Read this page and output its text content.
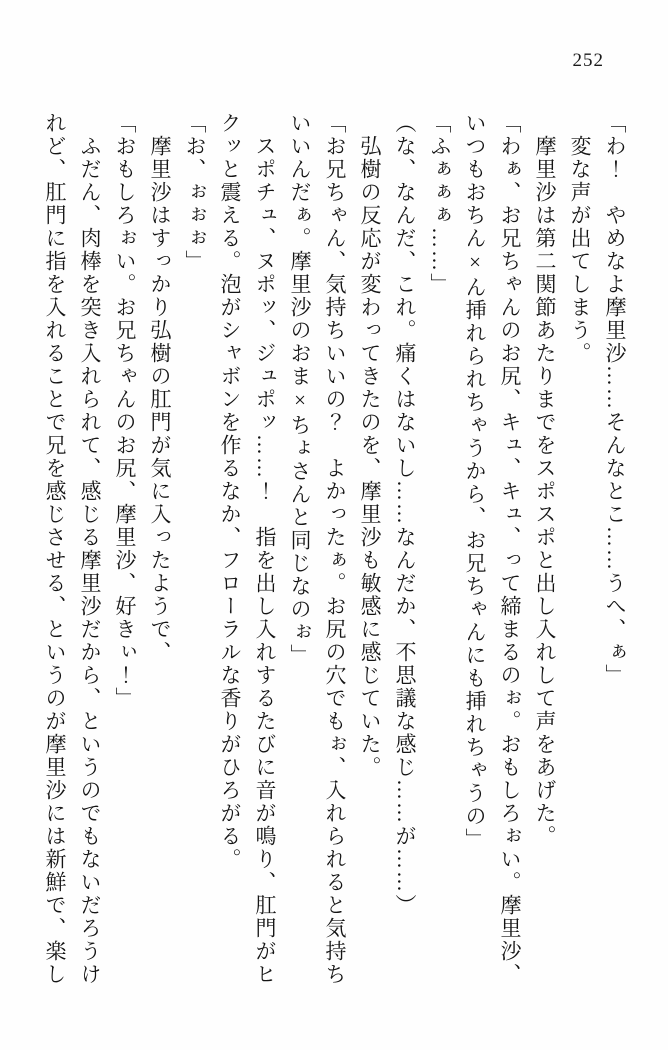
252

「わ！　やめなよ摩里沙……そんなとこ……うへ、ぁ」

　変な声が出てしまう。

　摩里沙は第二関節あたりまでをスポスポと出し入れして声をあげた。

「わぁ、お兄ちゃんのお尻、キュ、キュ、って締まるのぉ。おもしろぉい。摩里沙、

いつもおちん×ん挿れられちゃうから、お兄ちゃんにも挿れちゃうの」

「ふぁぁぁ……」

（な、なんだ、これ。痛くはないし……なんだか、不思議な感じ……が……）

　弘樹の反応が変わってきたのを、摩里沙も敏感に感じていた。

「お兄ちゃん、気持ちいいの？　よかったぁ。お尻の穴でもぉ、入れられると気持ち

いいんだぁ。摩里沙のおま×ちょさんと同じなのぉ」

　スポチュ、ヌポッ、ジュポッ……！　指を出し入れするたびに音が鳴り、肛門がヒ

クッと震える。泡がシャボンを作るなか、フローラルな香りがひろがる。

「お、ぉぉぉ」

　摩里沙はすっかり弘樹の肛門が気に入ったようで、

「おもしろぉい。お兄ちゃんのお尻、摩里沙、好きぃ！」

　ふだん、肉棒を突き入れられて、感じる摩里沙だから、というのでもないだろうけ

れど、肛門に指を入れることで兄を感じさせる、というのが摩里沙には新鮮で、楽し
